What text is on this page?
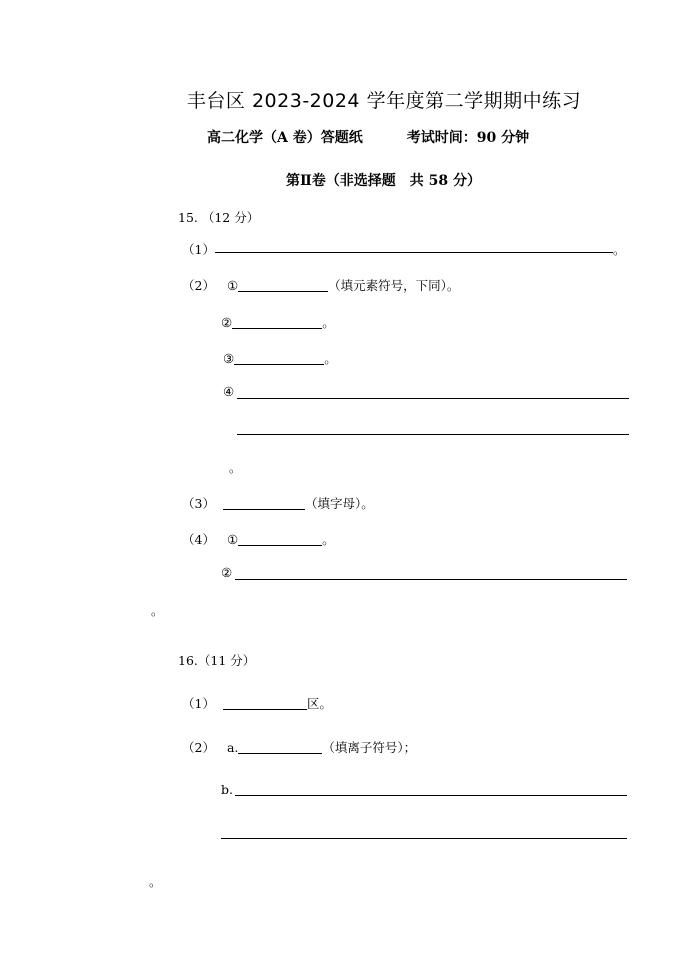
丰台区 2023-2024 学年度第二学期期中练习
高二化学（A 卷）答题纸	考试时间：90 分钟
第Ⅱ卷（非选择题　共 58 分）
15. （12 分）
（1）	。
（2） ①	（填元素符号，下同）。
②	。
③	。
④
。
（3）	（填字母）。
（4） ①	。
②
。
16.（11 分）
（1）	区。
（2） a.	（填离子符号）；
b.
。
